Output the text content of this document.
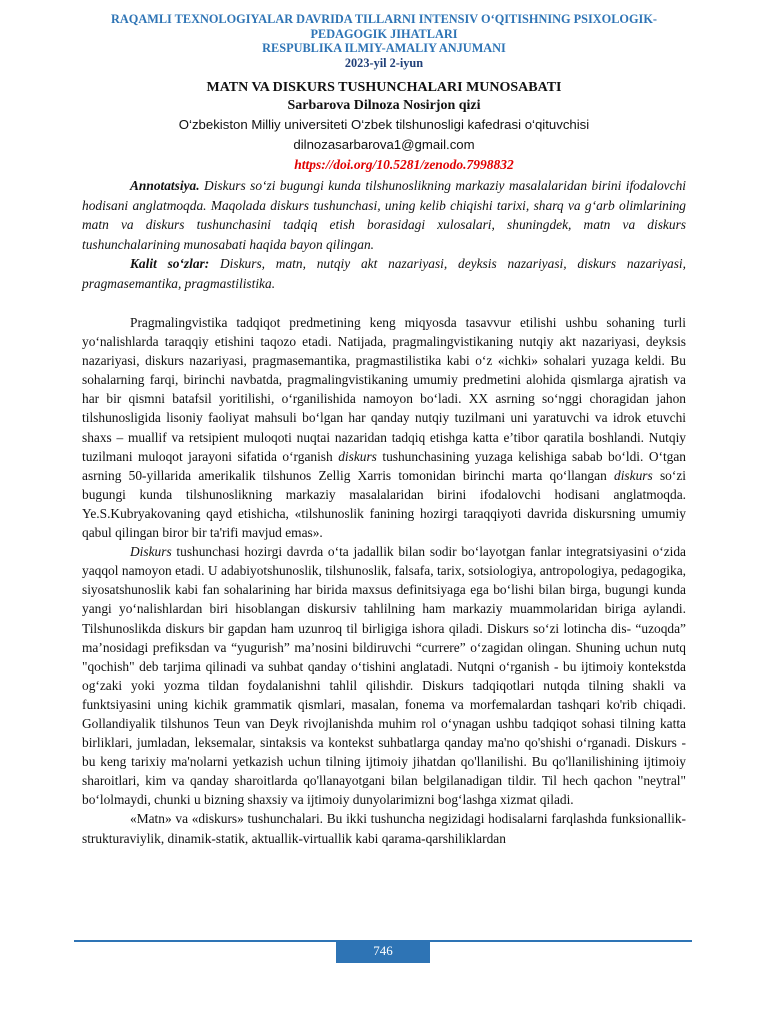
RAQAMLI TEXNOLOGIYALAR DAVRIDA TILLARNI INTENSIV O‘QITISHNING PSIXOLOGIK-
PEDAGOGIK JIHATLARI
RESPUBLIKA ILMIY-AMALIY ANJUMANI
2023-yil 2-iyun

MATN VA DISKURS TUSHUNCHALARI MUNOSABATI

Sarbarova Dilnoza Nosirjon qizi

O‘zbekiston Milliy universiteti O‘zbek tilshunosligi kafedrasi o‘qituvchisi

dilnozasarbarova1@gmail.com

https://doi.org/10.5281/zenodo.7998832

Annotatsiya. Diskurs so‘zi bugungi kunda tilshunoslikning markaziy masalalaridan birini ifodalovchi hodisani anglatmoqda. Maqolada diskurs tushunchasi, uning kelib chiqishi tarixi, sharq va g‘arb olimlarining matn va diskurs tushunchasini tadqiq etish borasidagi xulosalari, shuningdek, matn va diskurs tushunchalarining munosabati haqida bayon qilingan.

Kalit so‘zlar: Diskurs, matn, nutqiy akt nazariyasi, deyksis nazariyasi, diskurs nazariyasi, pragmasemantika, pragmastilistika.

Pragmalingvistika tadqiqot predmetining keng miqyosda tasavvur etilishi ushbu sohaning turli yo‘nalishlarda taraqqiy etishini taqozo etadi. Natijada, pragmalingvistikaning nutqiy akt nazariyasi, deyksis nazariyasi, diskurs nazariyasi, pragmasemantika, pragmastilistika kabi o‘z «ichki» sohalari yuzaga keldi. Bu sohalarning farqi, birinchi navbatda, pragmalingvistikaning umumiy predmetini alohida qismlarga ajratish va har bir qismni batafsil yoritilishi, o‘rganilishida namoyon bo‘ladi. XX asrning so‘nggi choragidan jahon tilshunosligida lisoniy faoliyat mahsuli bo‘lgan har qanday nutqiy tuzilmani uni yaratuvchi va idrok etuvchi shaxs – muallif va retsipient muloqoti nuqtai nazaridan tadqiq etishga katta e’tibor qaratila boshlandi. Nutqiy tuzilmani muloqot jarayoni sifatida o‘rganish diskurs tushunchasining yuzaga kelishiga sabab bo‘ldi. O‘tgan asrning 50-yillarida amerikalik tilshunos Zellig Xarris tomonidan birinchi marta qo‘llangan diskurs so‘zi bugungi kunda tilshunoslikning markaziy masalalaridan birini ifodalovchi hodisani anglatmoqda. Ye.S.Kubryakovaning qayd etishicha, «tilshunoslik fanining hozirgi taraqqiyoti davrida diskursning umumiy qabul qilingan biror bir ta'rifi mavjud emas».

Diskurs tushunchasi hozirgi davrda o‘ta jadallik bilan sodir bo‘layotgan fanlar integratsiyasini o‘zida yaqqol namoyon etadi. U adabiyotshunoslik, tilshunoslik, falsafa, tarix, sotsiologiya, antropologiya, pedagogika, siyosatshunoslik kabi fan sohalarining har birida maxsus definitsiyaga ega bo‘lishi bilan birga, bugungi kunda yangi yo‘nalishlardan biri hisoblangan diskursiv tahlilning ham markaziy muammolaridan biriga aylandi. Tilshunoslikda diskurs bir gapdan ham uzunroq til birligiga ishora qiladi. Diskurs so‘zi lotincha dis- “uzoqda” ma’nosidagi prefiksdan va “yugurish” ma’nosini bildiruvchi “currere” o‘zagidan olingan. Shuning uchun nutq "qochish" deb tarjima qilinadi va suhbat qanday o‘tishini anglatadi. Nutqni o‘rganish - bu ijtimoiy kontekstda og‘zaki yoki yozma tildan foydalanishni tahlil qilishdir. Diskurs tadqiqotlari nutqda tilning shakli va funktsiyasini uning kichik grammatik qismlari, masalan, fonema va morfemalardan tashqari ko'rib chiqadi. Gollandiyalik tilshunos Teun van Deyk rivojlanishda muhim rol o‘ynagan ushbu tadqiqot sohasi tilning katta birliklari, jumladan, leksemalar, sintaksis va kontekst suhbatlarga qanday ma'no qo'shishi o‘rganadi. Diskurs - bu keng tarixiy ma'nolarni yetkazish uchun tilning ijtimoiy jihatdan qo'llanilishi. Bu qo'llanilishining ijtimoiy sharoitlari, kim va qanday sharoitlarda qo'llanayotgani bilan belgilanadigan tildir. Til hech qachon "neytral" bo‘lolmaydi, chunki u bizning shaxsiy va ijtimoiy dunyolarimizni bog‘lashga xizmat qiladi.

«Matn» va «diskurs» tushunchalari. Bu ikki tushuncha negizidagi hodisalarni farqlashda funksionallik-strukturaviylik, dinamik-statik, aktuallik-virtuallik kabi qarama-qarshiliklardan

746
